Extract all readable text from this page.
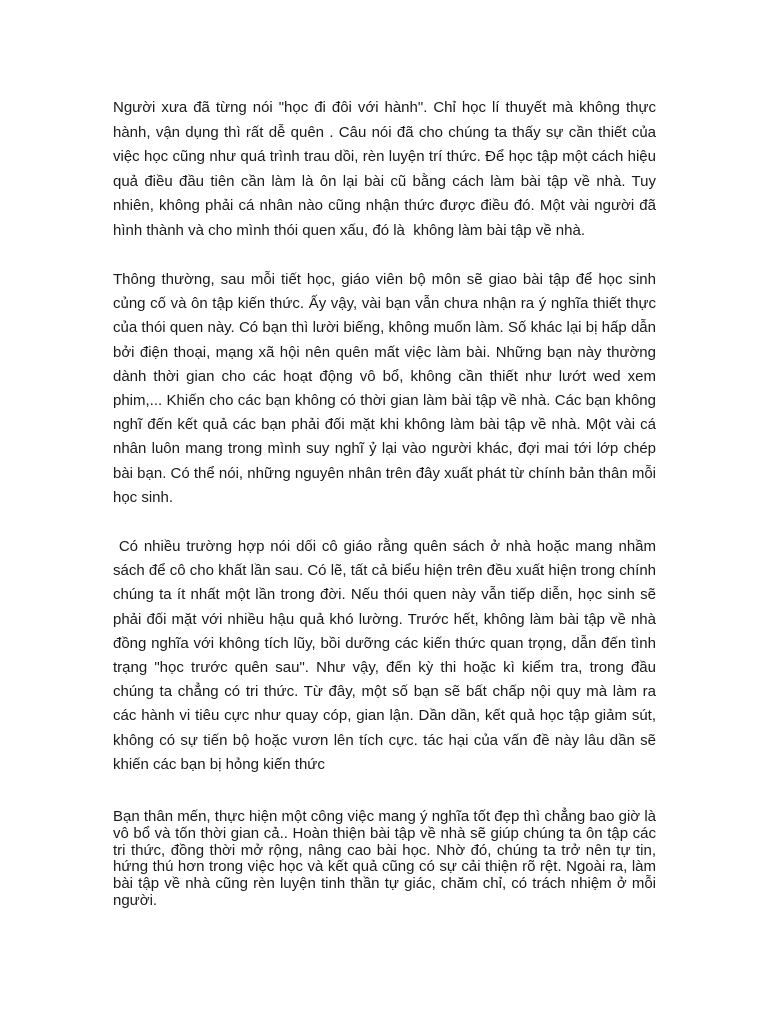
Người xưa đã từng nói "học đi đôi với hành". Chỉ học lí thuyết mà không thực hành, vận dụng thì rất dễ quên . Câu nói đã cho chúng ta thấy sự cần thiết của việc học cũng như quá trình trau dồi, rèn luyện trí thức. Để học tập một cách hiệu quả điều đầu tiên cần làm là ôn lại bài cũ bằng cách làm bài tập về nhà. Tuy nhiên, không phải cá nhân nào cũng nhận thức được điều đó. Một vài người đã hình thành và cho mình thói quen xấu, đó là  không làm bài tập về nhà.

Thông thường, sau mỗi tiết học, giáo viên bộ môn sẽ giao bài tập để học sinh củng cố và ôn tập kiến thức. Ấy vậy, vài bạn vẫn chưa nhận ra ý nghĩa thiết thực của thói quen này. Có bạn thì lười biếng, không muốn làm. Số khác lại bị hấp dẫn bởi điện thoại, mạng xã hội nên quên mất việc làm bài. Những bạn này thường dành thời gian cho các hoạt động vô bổ, không cần thiết như lướt wed xem phim,... Khiến cho các bạn không có thời gian làm bài tập về nhà. Các bạn không nghĩ đến kết quả các bạn phải đối mặt khi không làm bài tập về nhà. Một vài cá nhân luôn mang trong mình suy nghĩ ỷ lại vào người khác, đợi mai tới lớp chép bài bạn. Có thể nói, những nguyên nhân trên đây xuất phát từ chính bản thân mỗi học sinh.

Có nhiều trường hợp nói dối cô giáo rằng quên sách ở nhà hoặc mang nhầm sách để cô cho khất lần sau. Có lẽ, tất cả biểu hiện trên đều xuất hiện trong chính chúng ta ít nhất một lần trong đời. Nếu thói quen này vẫn tiếp diễn, học sinh sẽ phải đối mặt với nhiều hậu quả khó lường. Trước hết, không làm bài tập về nhà đồng nghĩa với không tích lũy, bồi dưỡng các kiến thức quan trọng, dẫn đến tình trạng "học trước quên sau". Như vậy, đến kỳ thi hoặc kì kiểm tra, trong đầu chúng ta chẳng có tri thức. Từ đây, một số bạn sẽ bất chấp nội quy mà làm ra các hành vi tiêu cực như quay cóp, gian lận. Dần dần, kết quả học tập giảm sút, không có sự tiến bộ hoặc vươn lên tích cực. tác hại của vấn đề này lâu dần sẽ khiến các bạn bị hỏng kiến thức

Bạn thân mến, thực hiện một công việc mang ý nghĩa tốt đẹp thì chẳng bao giờ là vô bổ và tốn thời gian cả.. Hoàn thiện bài tập về nhà sẽ giúp chúng ta ôn tập các tri thức, đồng thời mở rộng, nâng cao bài học. Nhờ đó, chúng ta trở nên tự tin, hứng thú hơn trong việc học và kết quả cũng có sự cải thiện rõ rệt. Ngoài ra, làm bài tập về nhà cũng rèn luyện tinh thần tự giác, chăm chỉ, có trách nhiệm ở mỗi người.
